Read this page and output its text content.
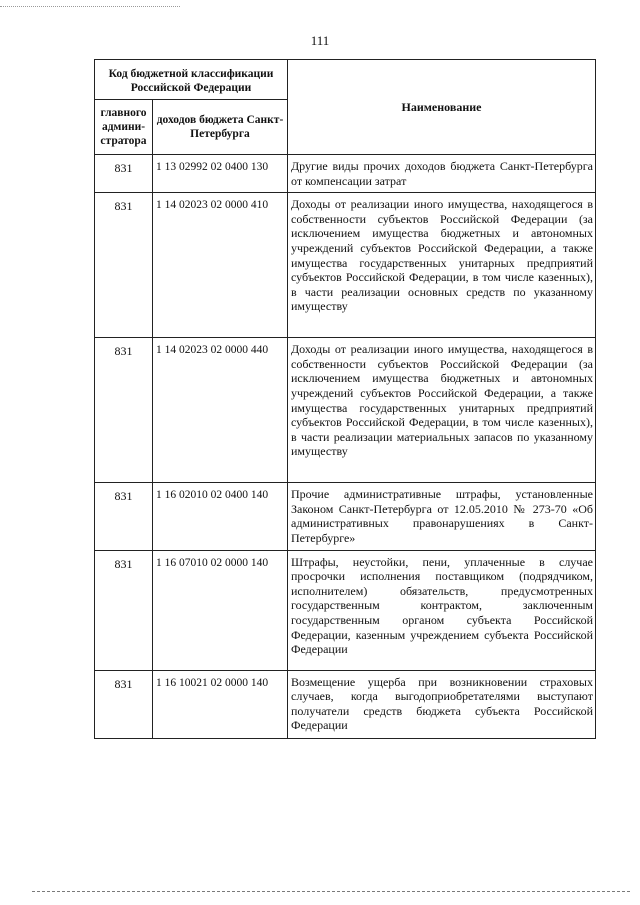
111
Код бюджетной классификации Российской Федерации		Наименование
главного админи- стратора	доходов бюджета Санкт-Петербурга	
831	1 13 02992 02 0400 130	Другие виды прочих доходов бюджета Санкт-Петербурга от компенсации затрат
831	1 14 02023 02 0000 410	Доходы от реализации иного имущества, находящегося в собственности субъектов Российской Федерации (за исключением имущества бюджетных и автономных учреждений субъектов Российской Федерации, а также имущества государственных унитарных предприятий субъектов Российской Федерации, в том числе казенных), в части реализации основных средств по указанному имуществу
831	1 14 02023 02 0000 440	Доходы от реализации иного имущества, находящегося в собственности субъектов Российской Федерации (за исключением имущества бюджетных и автономных учреждений субъектов Российской Федерации, а также имущества государственных унитарных предприятий субъектов Российской Федерации, в том числе казенных), в части реализации материальных запасов по указанному имуществу
831	1 16 02010 02 0400 140	Прочие административные штрафы, установленные Законом Санкт-Петербурга от 12.05.2010 № 273-70 «Об административных правонарушениях в Санкт-Петербурге»
831	1 16 07010 02 0000 140	Штрафы, неустойки, пени, уплаченные в случае просрочки исполнения поставщиком (подрядчиком, исполнителем) обязательств, предусмотренных государственным контрактом, заключенным государственным органом субъекта Российской Федерации, казенным учреждением субъекта Российской Федерации
831	1 16 10021 02 0000 140	Возмещение ущерба при возникновении страховых случаев, когда выгодоприобретателями выступают получатели средств бюджета субъекта Российской Федерации
